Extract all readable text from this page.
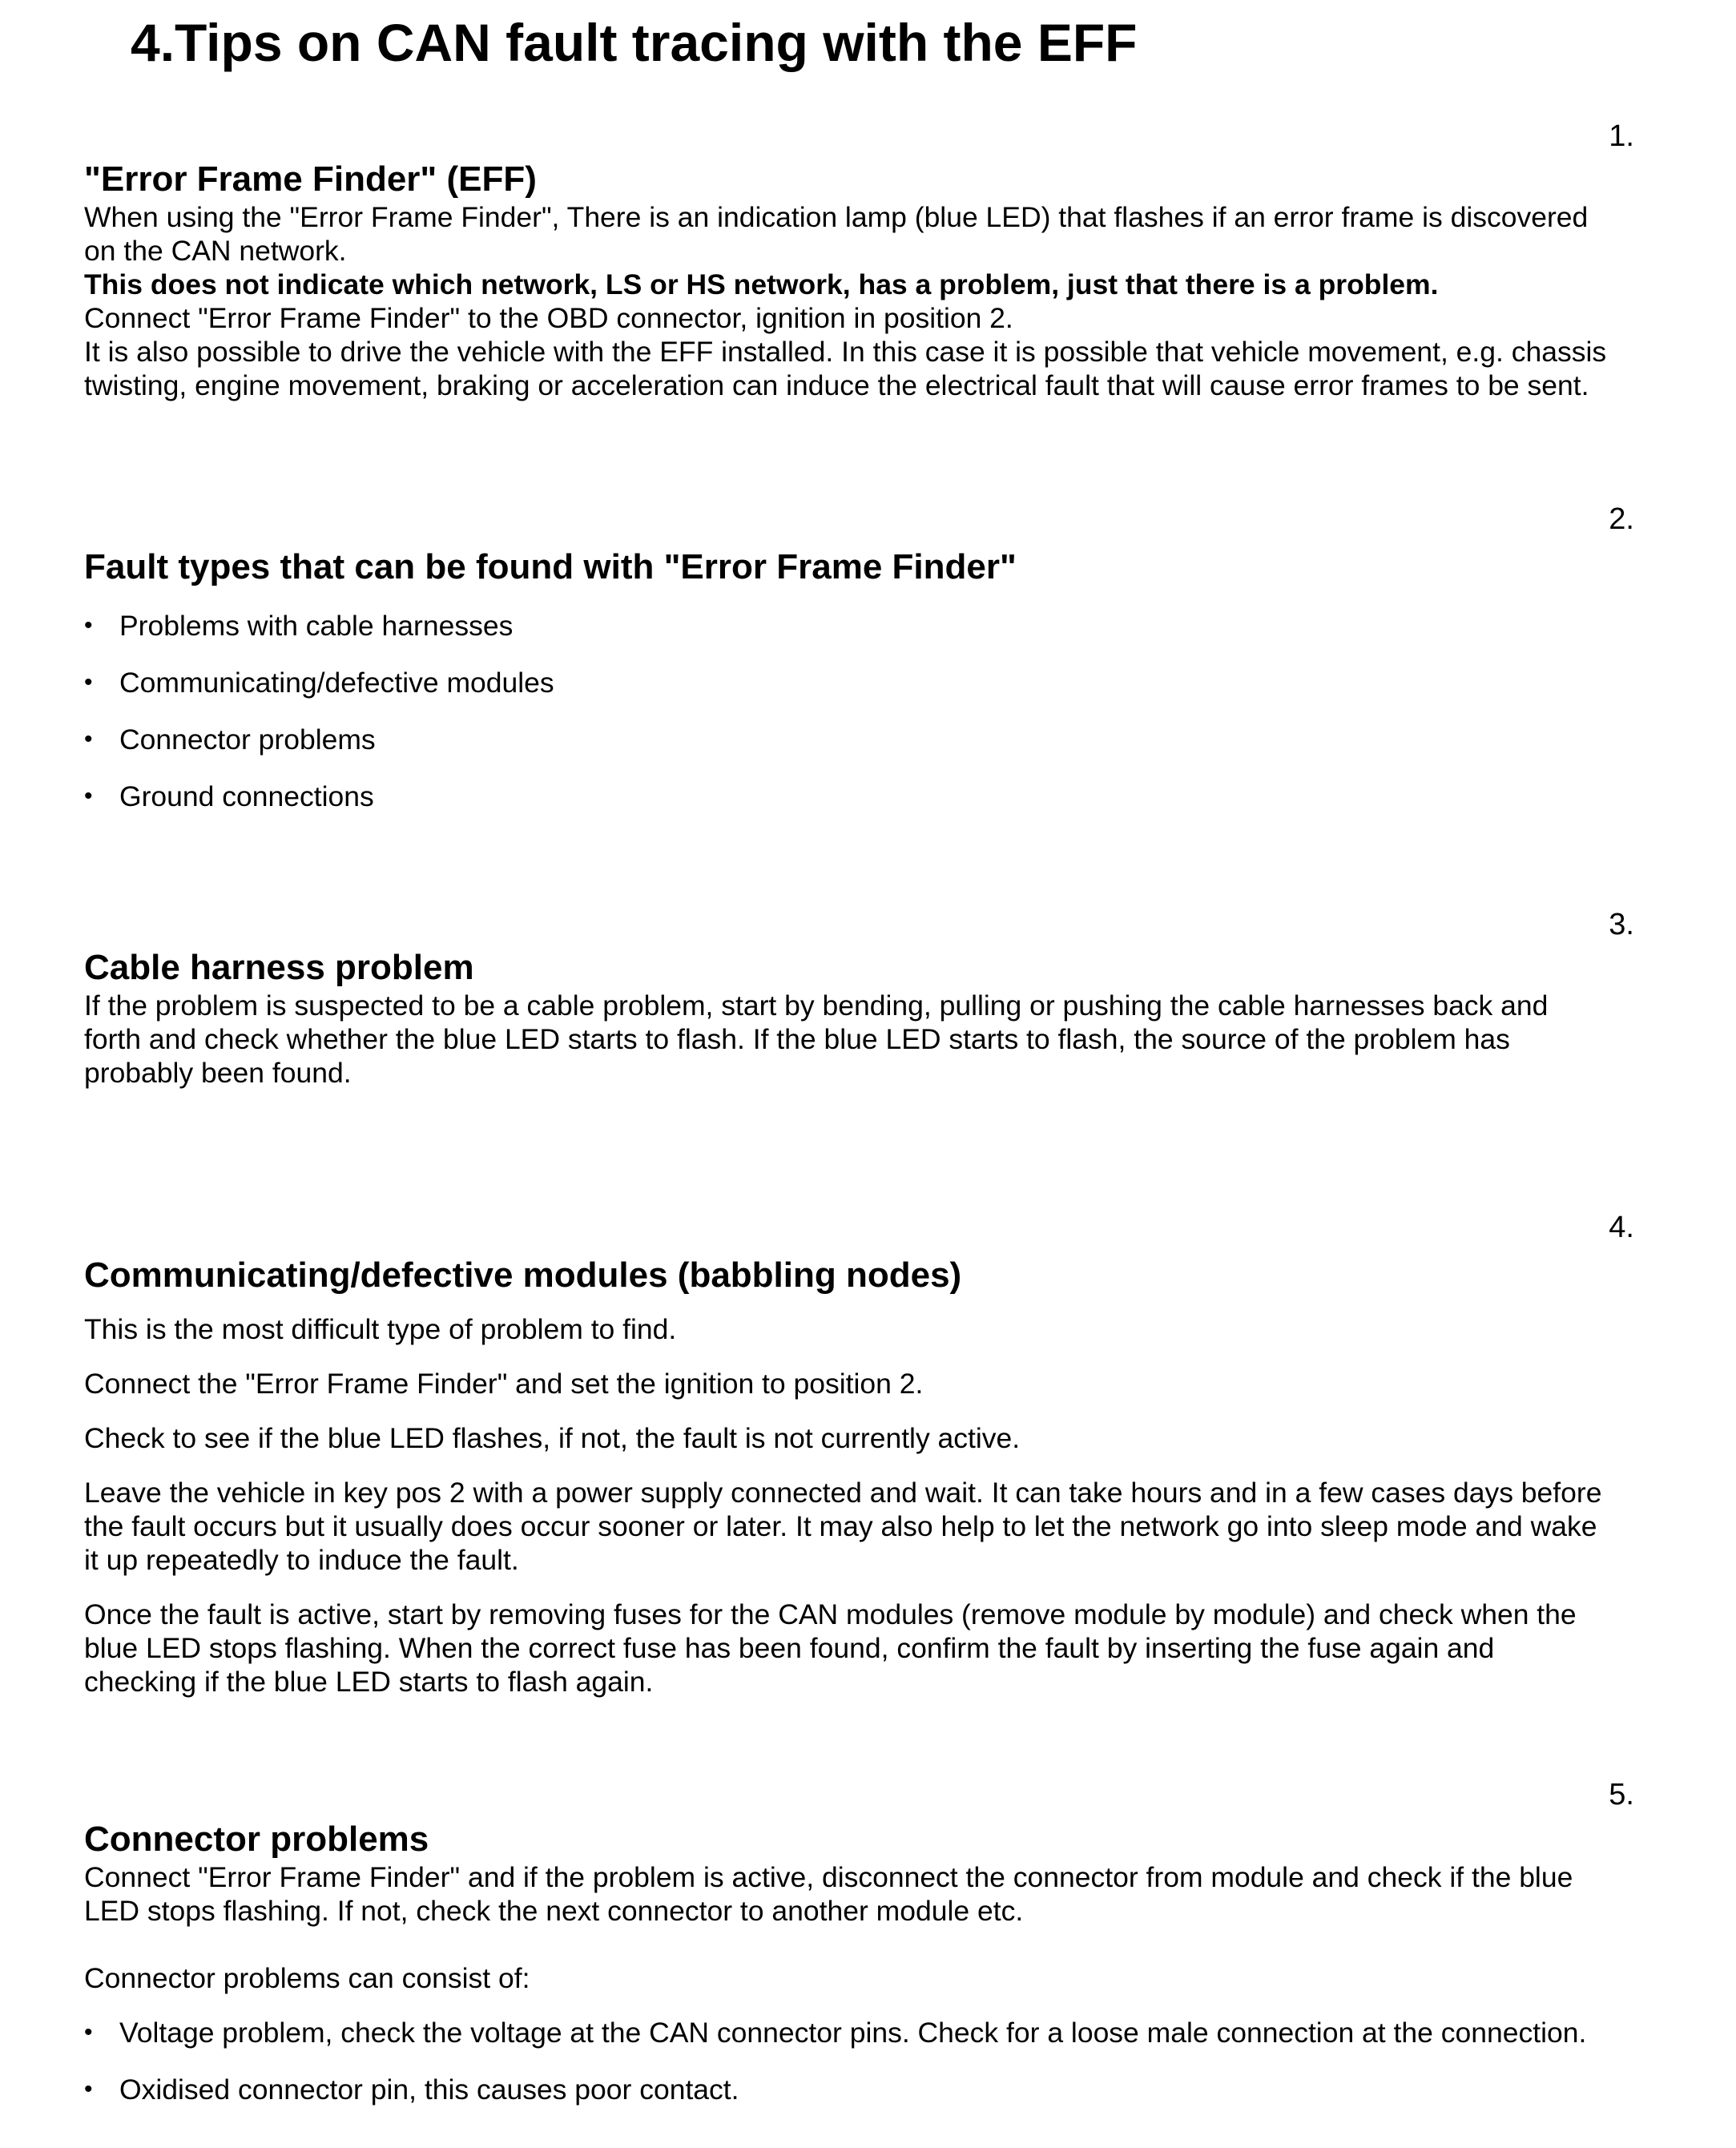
4.Tips on CAN fault tracing with the EFF
1.
"Error Frame Finder" (EFF)

When using the "Error Frame Finder", There is an indication lamp (blue LED) that flashes if an error frame is discovered

on the CAN network.

This does not indicate which network, LS or HS network, has a problem, just that there is a problem.

Connect "Error Frame Finder" to the OBD connector, ignition in position 2.

It is also possible to drive the vehicle with the EFF installed. In this case it is possible that vehicle movement, e.g. chassis

twisting, engine movement, braking or acceleration can induce the electrical fault that will cause error frames to be sent.

2.
Fault types that can be found with "Error Frame Finder"
• Problems with cable harnesses
• Communicating/defective modules
• Connector problems
• Ground connections
3.
Cable harness problem

If the problem is suspected to be a cable problem, start by bending, pulling or pushing the cable harnesses back and

forth and check whether the blue LED starts to flash. If the blue LED starts to flash, the source of the problem has

probably been found.

4.
Communicating/defective modules (babbling nodes)

This is the most difficult type of problem to find.

Connect the "Error Frame Finder" and set the ignition to position 2.

Check to see if the blue LED flashes, if not, the fault is not currently active.

Leave the vehicle in key pos 2 with a power supply connected and wait. It can take hours and in a few cases days before

the fault occurs but it usually does occur sooner or later. It may also help to let the network go into sleep mode and wake

it up repeatedly to induce the fault.

Once the fault is active, start by removing fuses for the CAN modules (remove module by module) and check when the

blue LED stops flashing. When the correct fuse has been found, confirm the fault by inserting the fuse again and

checking if the blue LED starts to flash again.

5.
Connector problems

Connect "Error Frame Finder" and if the problem is active, disconnect the connector from module and check if the blue

LED stops flashing. If not, check the next connector to another module etc.

Connector problems can consist of:

• Voltage problem, check the voltage at the CAN connector pins. Check for a loose male connection at the connection.
• Oxidised connector pin, this causes poor contact.
